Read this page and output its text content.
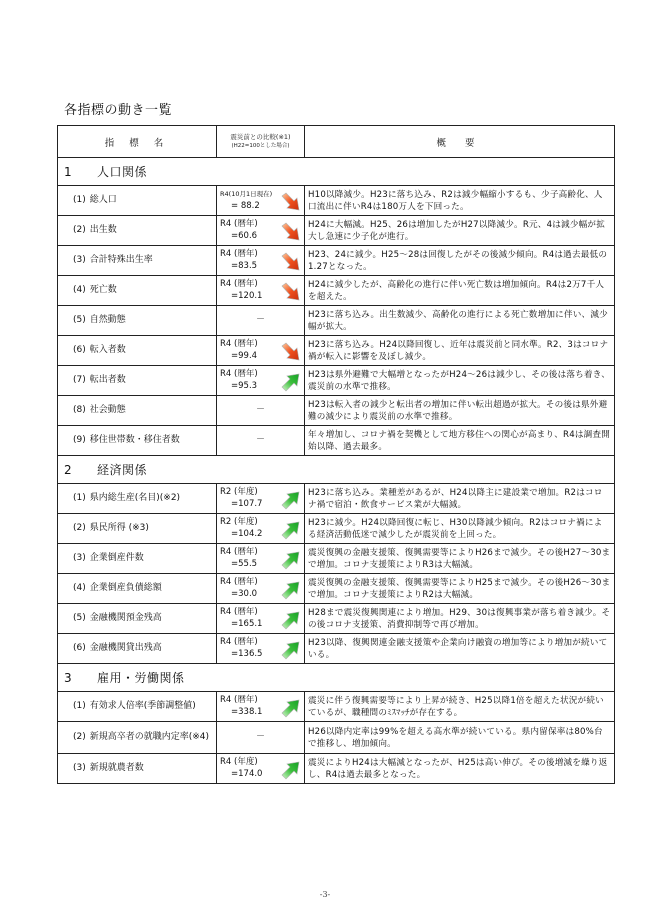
各指標の動き一覧
指 標 名	震災前との比較(※1)
(H22=100とした場合)	概 要
1 人口関係		

(1) 総人口	R4(10月1日現在)
= 88.2	H10以降減少。H23に落ち込み、R2は減少幅縮小するも、少子高齢化、人口流出に伴いR4は180万人を下回った。

(2) 出生数	R4 (暦年)
=60.6	H24に大幅減。H25、26は増加したがH27以降減少。R元、4は減少幅が拡大し急速に少子化が進行。

(3) 合計特殊出生率	R4 (暦年)
=83.5	H23、24に減少。H25～28は回復したがその後減少傾向。R4は過去最低の1.27となった。

(4) 死亡数	R4 (暦年)
=120.1	H24に減少したが、高齢化の進行に伴い死亡数は増加傾向。R4は2万7千人を超えた。

(5) 自然動態	－	H23に落ち込み。出生数減少、高齢化の進行による死亡数増加に伴い、減少幅が拡大。

(6) 転入者数	R4 (暦年)
=99.4	H23に落ち込み。H24以降回復し、近年は震災前と同水準。R2、3はコロナ禍が転入に影響を及ぼし減少。

(7) 転出者数	R4 (暦年)
=95.3	H23は県外避難で大幅増となったがH24～26は減少し、その後は落ち着き、震災前の水準で推移。

(8) 社会動態	－	H23は転入者の減少と転出者の増加に伴い転出超過が拡大。その後は県外避難の減少により震災前の水準で推移。

(9) 移住世帯数・移住者数	－	年々増加し、コロナ禍を契機として地方移住への関心が高まり、R4は調査開始以降、過去最多。
2 経済関係		

(1) 県内総生産(名目)(※2)	R2 (年度)
=107.7	H23に落ち込み。業種差があるが、H24以降主に建設業で増加。R2はコロナ禍で宿泊・飲食サービス業が大幅減。

(2) 県民所得 (※3)	R2 (年度)
=104.2	H23に減少。H24以降回復に転じ、H30以降減少傾向。R2はコロナ禍による経済活動低迷で減少したが震災前を上回った。

(3) 企業倒産件数	R4 (暦年)
=55.5	震災復興の金融支援策、復興需要等によりH26まで減少。その後H27～30まで増加。コロナ支援策によりR3は大幅減。

(4) 企業倒産負債総額	R4 (暦年)
=30.0	震災復興の金融支援策、復興需要等によりH25まで減少。その後H26～30まで増加。コロナ支援策によりR2は大幅減。

(5) 金融機関預金残高	R4 (暦年)
=165.1	H28まで震災復興関連により増加。H29、30は復興事業が落ち着き減少。その後コロナ支援策、消費抑制等で再び増加。

(6) 金融機関貸出残高	R4 (暦年)
=136.5	H23以降、復興関連金融支援策や企業向け融資の増加等により増加が続いている。
3 雇用・労働関係		

(1) 有効求人倍率(季節調整値)	R4 (暦年)
=338.1	震災に伴う復興需要等により上昇が続き、H25以降1倍を超えた状況が続いているが、職種間のﾐｽﾏｯﾁが存在する。

(2) 新規高卒者の就職内定率(※4)	－	H26以降内定率は99%を超える高水準が続いている。県内留保率は80%台で推移し、増加傾向。

(3) 新規就農者数	R4 (年度)
=174.0	震災によりH24は大幅減となったが、H25は高い伸び。その後増減を繰り返し、R4は過去最多となった。
-3-
